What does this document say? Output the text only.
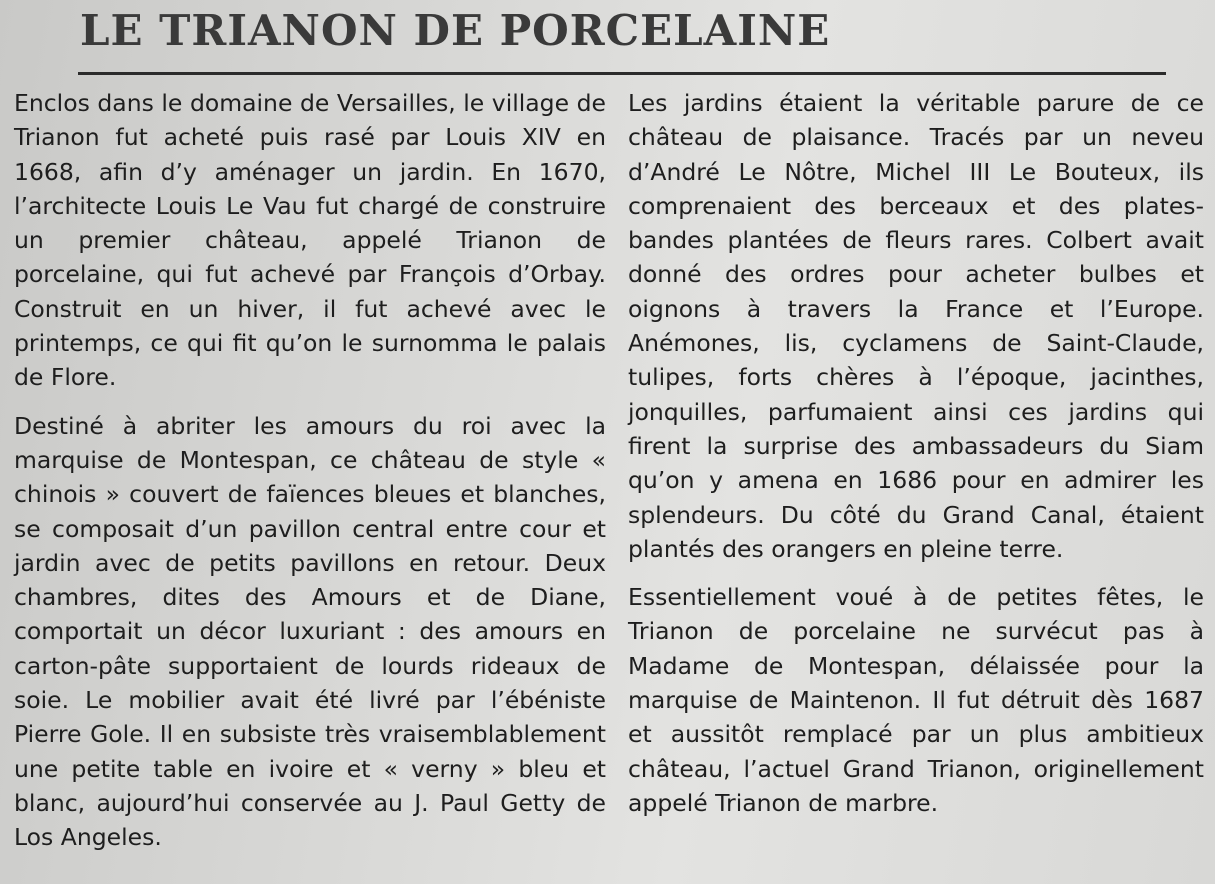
LE TRIANON DE PORCELAINE

Enclos dans le domaine de Versailles, le village de Trianon fut acheté puis rasé par Louis XIV en 1668, afin d’y aménager un jardin. En 1670, l’architecte Louis Le Vau fut chargé de construire un premier château, appelé Trianon de porcelaine, qui fut achevé par François d’Orbay. Construit en un hiver, il fut achevé avec le printemps, ce qui fit qu’on le surnomma le palais de Flore.

Destiné à abriter les amours du roi avec la marquise de Montespan, ce château de style « chinois » couvert de faïences bleues et blanches, se composait d’un pavillon central entre cour et jardin avec de petits pavillons en retour. Deux chambres, dites des Amours et de Diane, comportait un décor luxuriant : des amours en carton-pâte supportaient de lourds rideaux de soie. Le mobilier avait été livré par l’ébéniste Pierre Gole. Il en subsiste très vraisemblablement une petite table en ivoire et « verny » bleu et blanc, aujourd’hui conservée au J. Paul Getty de Los Angeles.

Les jardins étaient la véritable parure de ce château de plaisance. Tracés par un neveu d’André Le Nôtre, Michel III Le Bouteux, ils comprenaient des berceaux et des plates-bandes plantées de fleurs rares. Colbert avait donné des ordres pour acheter bulbes et oignons à travers la France et l’Europe. Anémones, lis, cyclamens de Saint-Claude, tulipes, forts chères à l’époque, jacinthes, jonquilles, parfumaient ainsi ces jardins qui firent la surprise des ambassadeurs du Siam qu’on y amena en 1686 pour en admirer les splendeurs. Du côté du Grand Canal, étaient plantés des orangers en pleine terre.

Essentiellement voué à de petites fêtes, le Trianon de porcelaine ne survécut pas à Madame de Montespan, délaissée pour la marquise de Maintenon. Il fut détruit dès 1687 et aussitôt remplacé par un plus ambitieux château, l’actuel Grand Trianon, originellement appelé Trianon de marbre.
